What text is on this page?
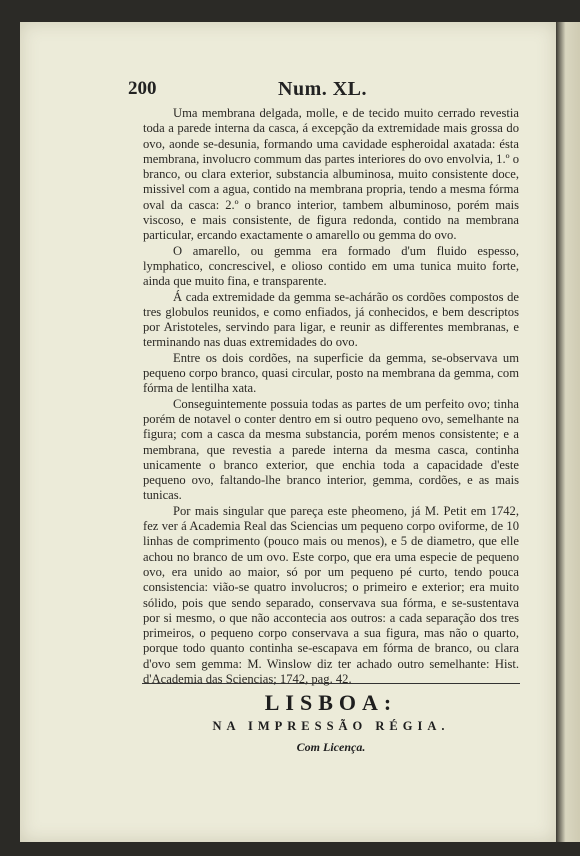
200	Num. XL.

Uma membrana delgada, molle, e de tecido muito cerrado revestia toda a parede interna da casca, á excepção da extremidade mais grossa do ovo, aonde se-desunia, formando uma cavidade espheroidal axatada: ésta membrana, involucro commum das partes interiores do ovo envolvia, 1.º o branco, ou clara exterior, substancia albuminosa, muito consistente doce, missivel com a agua, contido na membrana propria, tendo a mesma fórma oval da casca: 2.º o branco interior, tambem albuminoso, porém mais viscoso, e mais consistente, de figura redonda, contido na membrana particular, ercando exactamente o amarello ou gemma do ovo.

O amarello, ou gemma era formado d'um fluido espesso, lymphatico, concrescivel, e olioso contido em uma tunica muito forte, ainda que muito fina, e transparente.

Á cada extremidade da gemma se-achárão os cordões compostos de tres globulos reunidos, e como enfiados, já conhecidos, e bem descriptos por Aristoteles, servindo para ligar, e reunir as differentes membranas, e terminando nas duas extremidades do ovo.

Entre os dois cordões, na superficie da gemma, se-observava um pequeno corpo branco, quasi circular, posto na membrana da gemma, com fórma de lentilha xata.

Conseguintemente possuia todas as partes de um perfeito ovo; tinha porém de notavel o conter dentro em si outro pequeno ovo, semelhante na figura; com a casca da mesma substancia, porém menos consistente; e a membrana, que revestia a parede interna da mesma casca, continha unicamente o branco exterior, que enchia toda a capacidade d'este pequeno ovo, faltando-lhe branco interior, gemma, cordões, e as mais tunicas.

Por mais singular que pareça este pheomeno, já M. Petit em 1742, fez ver á Academia Real das Sciencias um pequeno corpo oviforme, de 10 linhas de comprimento (pouco mais ou menos), e 5 de diametro, que elle achou no branco de um ovo. Este corpo, que era uma especie de pequeno ovo, era unido ao maior, só por um pequeno pé curto, tendo pouca consistencia: vião-se quatro involucros; o primeiro e exterior; era muito sólido, pois que sendo separado, conservava sua fórma, e se-sustentava por si mesmo, o que não accontecia aos outros: a cada separação dos tres primeiros, o pequeno corpo conservava a sua figura, mas não o quarto, porque todo quanto continha se-escapava em fórma de branco, ou clara d'ovo sem gemma: M. Winslow diz ter achado outro semelhante: Hist. d'Academia das Sciencias; 1742, pag. 42.

LISBOA:
NA IMPRESSÃO RÉGIA.
Com Licença.
